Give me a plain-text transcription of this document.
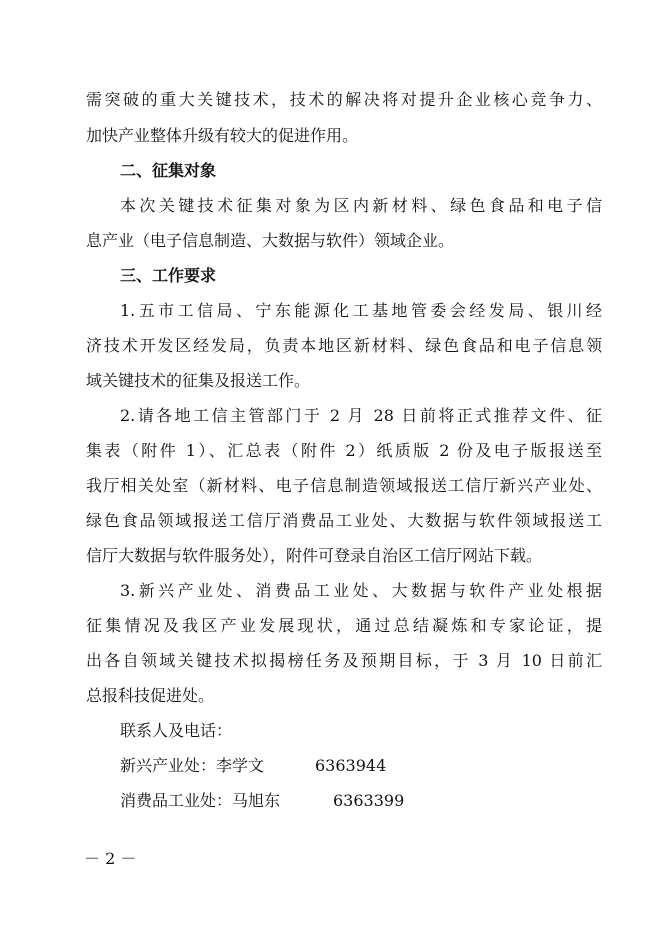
需突破的重大关键技术，技术的解决将对提升企业核心竞争力、
加快产业整体升级有较大的促进作用。
二、征集对象
本次关键技术征集对象为区内新材料、绿色食品和电子信
息产业（电子信息制造、大数据与软件）领域企业。
三、工作要求
1.五市工信局、宁东能源化工基地管委会经发局、银川经
济技术开发区经发局，负责本地区新材料、绿色食品和电子信息领
域关键技术的征集及报送工作。
2.请各地工信主管部门于 2 月 28 日前将正式推荐文件、征
集表（附件 1）、汇总表（附件 2）纸质版 2 份及电子版报送至
我厅相关处室（新材料、电子信息制造领域报送工信厅新兴产业处、
绿色食品领域报送工信厅消费品工业处、大数据与软件领域报送工
信厅大数据与软件服务处），附件可登录自治区工信厅网站下载。
3.新兴产业处、消费品工业处、大数据与软件产业处根据
征集情况及我区产业发展现状，通过总结凝炼和专家论证，提
出各自领域关键技术拟揭榜任务及预期目标，于 3 月 10 日前汇
总报科技促进处。
联系人及电话：
新兴产业处：李学文	6363944
消费品工业处：马旭东	6363399
－ 2 －
